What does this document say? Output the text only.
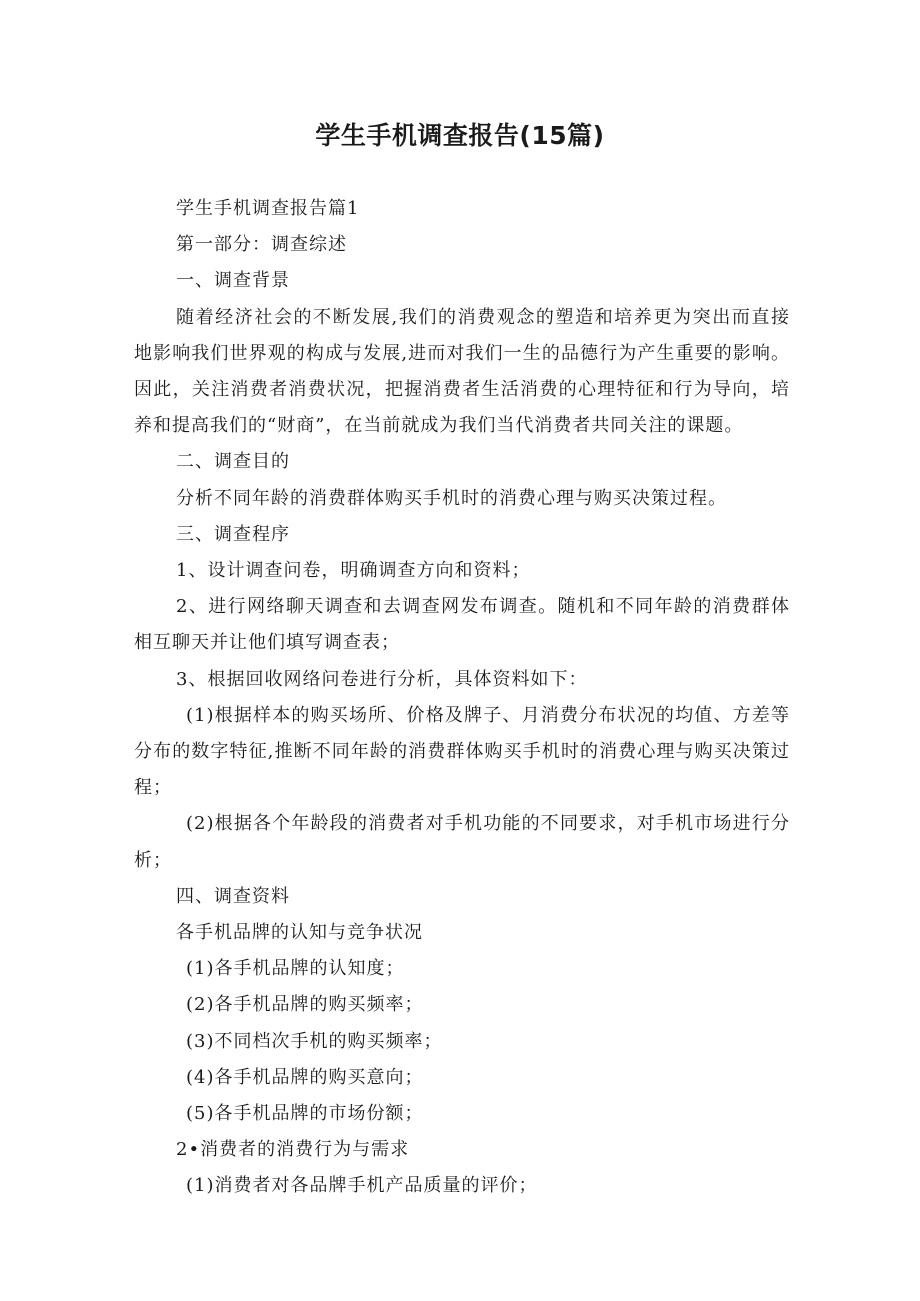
学生手机调查报告(15篇)

学生手机调查报告篇1

第一部分：调查综述

一、调查背景

随着经济社会的不断发展,我们的消费观念的塑造和培养更为突出而直接地影响我们世界观的构成与发展,进而对我们一生的品德行为产生重要的影响。因此，关注消费者消费状况，把握消费者生活消费的心理特征和行为导向，培养和提高我们的“财商”，在当前就成为我们当代消费者共同关注的课题。

二、调查目的

分析不同年龄的消费群体购买手机时的消费心理与购买决策过程。

三、调查程序

1、设计调查问卷，明确调查方向和资料；

2、进行网络聊天调查和去调查网发布调查。随机和不同年龄的消费群体相互聊天并让他们填写调查表；

3、根据回收网络问卷进行分析，具体资料如下：

(1)根据样本的购买场所、价格及牌子、月消费分布状况的均值、方差等分布的数字特征,推断不同年龄的消费群体购买手机时的消费心理与购买决策过程；

(2)根据各个年龄段的消费者对手机功能的不同要求，对手机市场进行分析；

四、调查资料

各手机品牌的认知与竞争状况

(1)各手机品牌的认知度；

(2)各手机品牌的购买频率；

(3)不同档次手机的购买频率；

(4)各手机品牌的购买意向；

(5)各手机品牌的市场份额；

2•消费者的消费行为与需求

(1)消费者对各品牌手机产品质量的评价；
